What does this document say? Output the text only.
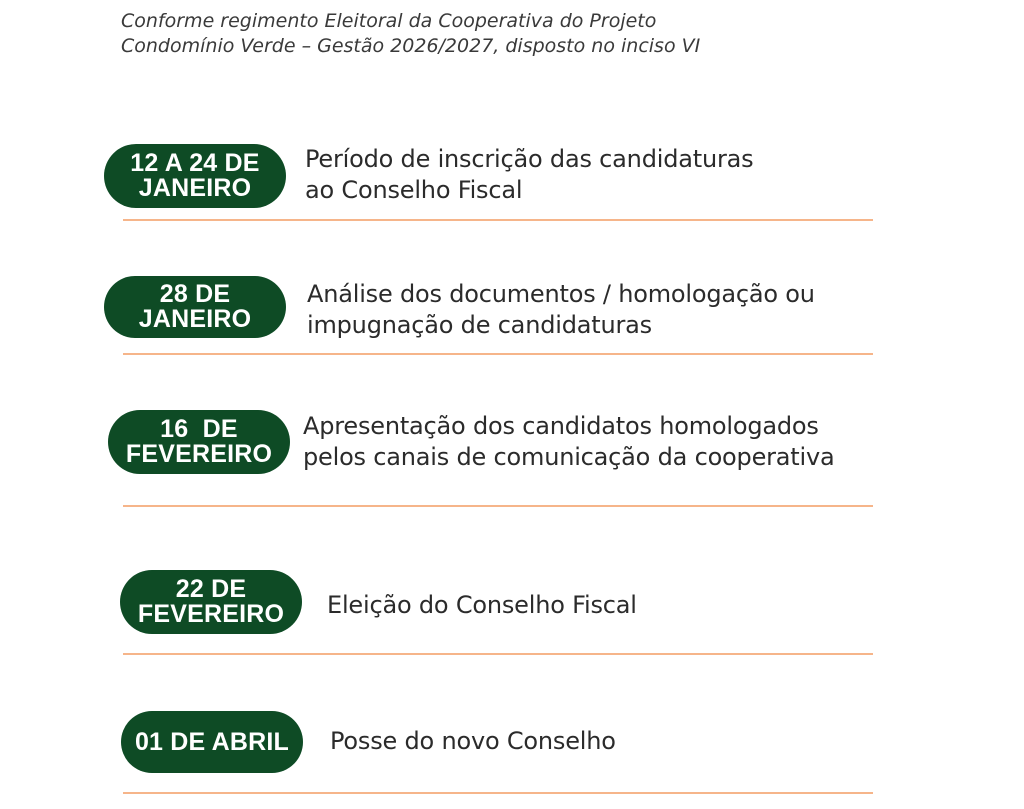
Conforme regimento Eleitoral da Cooperativa do Projeto
Condomínio Verde – Gestão 2026/2027, disposto no inciso VI
12 A 24 DE
JANEIRO
Período de inscrição das candidaturas
ao Conselho Fiscal
28 DE
JANEIRO
Análise dos documentos / homologação ou
impugnação de candidaturas
16  DE
FEVEREIRO
Apresentação dos candidatos homologados
pelos canais de comunicação da cooperativa
22 DE
FEVEREIRO Eleição do Conselho Fiscal
01 DE ABRIL Posse do novo Conselho
